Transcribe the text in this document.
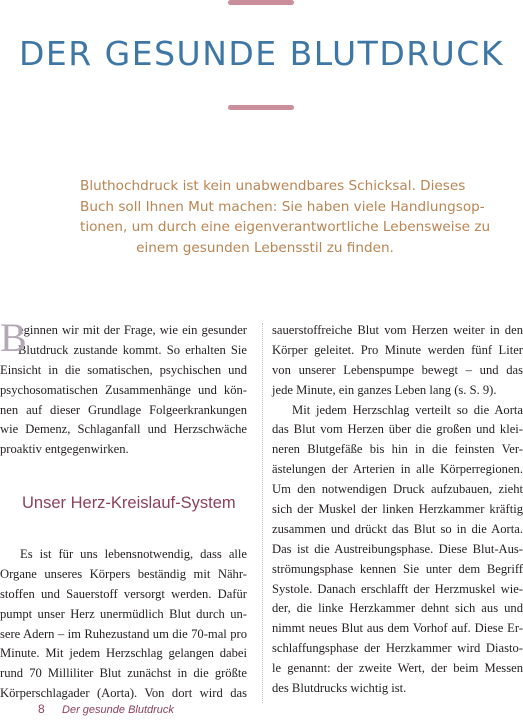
DER GESUNDE BLUTDRUCK
Bluthochdruck ist kein unabwendbares Schicksal. Dieses
Buch soll Ihnen Mut machen: Sie haben viele Handlungsop-
tionen, um durch eine eigenverantwortliche Lebensweise zu
einem gesunden Lebensstil zu finden.
B
eginnen wir mit der Frage, wie ein gesunder
Blutdruck zustande kommt. So erhalten Sie
Einsicht in die somatischen, psychischen und
psychosomatischen Zusammenhänge und kön-
nen auf dieser Grundlage Folgeerkrankungen
wie Demenz, Schlaganfall und Herzschwäche
proaktiv entgegenwirken.
Unser Herz-Kreislauf-System
Es ist für uns lebensnotwendig, dass alle
Organe unseres Körpers beständig mit Nähr-
stoffen und Sauerstoff versorgt werden. Dafür
pumpt unser Herz unermüdlich Blut durch un-
sere Adern – im Ruhezustand um die 70-mal pro
Minute. Mit jedem Herzschlag gelangen dabei
rund 70 Milliliter Blut zunächst in die größte
Körperschlagader (Aorta). Von dort wird das
sauerstoffreiche Blut vom Herzen weiter in den
Körper geleitet. Pro Minute werden fünf Liter
von unserer Lebenspumpe bewegt – und das
jede Minute, ein ganzes Leben lang (s. S. 9).
Mit jedem Herzschlag verteilt so die Aorta
das Blut vom Herzen über die großen und klei-
neren Blutgefäße bis hin in die feinsten Ver-
ästelungen der Arterien in alle Körperregionen.
Um den notwendigen Druck aufzubauen, zieht
sich der Muskel der linken Herzkammer kräftig
zusammen und drückt das Blut so in die Aorta.
Das ist die Austreibungsphase. Diese Blut-Aus-
strömungsphase kennen Sie unter dem Begriff
Systole. Danach erschlafft der Herzmuskel wie-
der, die linke Herzkammer dehnt sich aus und
nimmt neues Blut aus dem Vorhof auf. Diese Er-
schlaffungsphase der Herzkammer wird Diasto-
le genannt: der zweite Wert, der beim Messen
des Blutdrucks wichtig ist.
8 Der gesunde Blutdruck
